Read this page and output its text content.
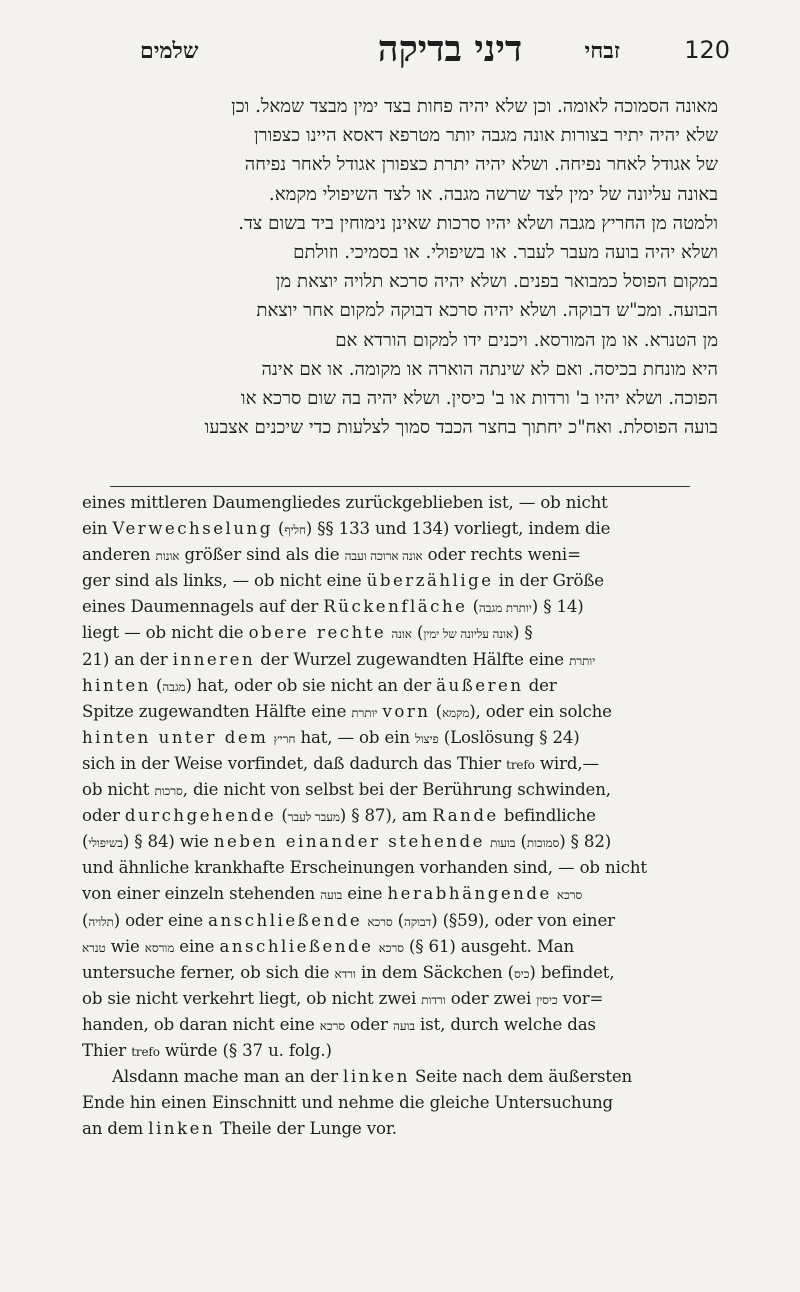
שלמים	דיני בדיקה	זבחי	120
מאונה הסמוכה לאומה. וכן שלא יהיה פחות בצד ימין מבצד שמאל. וכן
שלא יהיה יתיר בצורות אונה מגבה יותר מטרפא דאסא היינו כצפורן
של אגודל לאחר נפיחה. ושלא יהיה יתרת כצפורן אגודל לאחר נפיחה
באונה עליונה של ימין לצד שרשה מגבה. או לצד השיפולי מקמא.
ולמטה מן החריץ מגבה ושלא יהיו סרכות שאינן נימוחין ביד בשום צד.
ושלא יהיה בועה מעבר לעבר. או בשיפולי. או בסמיכי. וזולתם
במקום הפוסל כמבואר בפנים. ושלא יהיה סרכא תלויה יוצאת מן
הבועה. ומכ"ש דבוקה. ושלא יהיה סרכא דבוקה למקום אחר יוצאת
מן הטנרא. או מן המורסא. ויכנים ידו למקום הורדא אם
היא מונחת בכיסה. ואם לא שינתה הוארה או מקומה. או אם אינה
הפוכה. ושלא יהיו ב' ורדות או ב' כיסין. ושלא יהיה בה שום סרכא או
בועה הפוסלת. ואח"כ יחתוך בחצר הכבד סמוך לצלעות כדי שיכנים אצבעו
eines mittleren Daumengliedes zurückgeblieben ist, — ob nicht
ein Verwechselung (חליף) §§ 133 und 134) vorliegt, indem die
anderen אונות größer sind als die אונה ארוכה ועבה oder rechts weni=
ger sind als links, — ob nicht eine überzählige in der Größe
eines Daumennagels auf der Rückenfläche (יותרת מגבה) § 14)
liegt — ob nicht die obere rechte אונה (אונה עליונה של ימין) §
21) an der inneren der Wurzel zugewandten Hälfte eine יותרת
hinten (מגבה) hat, oder ob sie nicht an der äußeren der
Spitze zugewandten Hälfte eine יותרת vorn (מקמא), oder ein solche
hinten unter dem חריץ hat, — ob ein פיצול (Loslösung § 24)
sich in der Weise vorfindet, daß dadurch das Thier trefo wird,—
ob nicht סרכות, die nicht von selbst bei der Berührung schwinden,
oder durchgehende (מעבר לעבר) § 87), am Rande befindliche
(בשיפולי) § 84) wie neben einander stehende בועות (סמוכות) § 82)
und ähnliche krankhafte Erscheinungen vorhanden sind, — ob nicht
von einer einzeln stehenden בועה eine herabhängende סרכא
(תלויה) oder eine anschließende סרכא (דבוקה) (§59), oder von einer
טנרא wie מורסא eine anschließende סרכא (§ 61) ausgeht. Man
untersuche ferner, ob sich die ורדא in dem Säckchen (כיס) befindet,
ob sie nicht verkehrt liegt, ob nicht zwei ורדות oder zwei כיסין vor=
handen, ob daran nicht eine סרכא oder בועה ist, durch welche das
Thier trefo würde (§ 37 u. folg.)
Alsdann mache man an der linken Seite nach dem äußersten
Ende hin einen Einschnitt und nehme die gleiche Untersuchung
an dem linken Theile der Lunge vor.
